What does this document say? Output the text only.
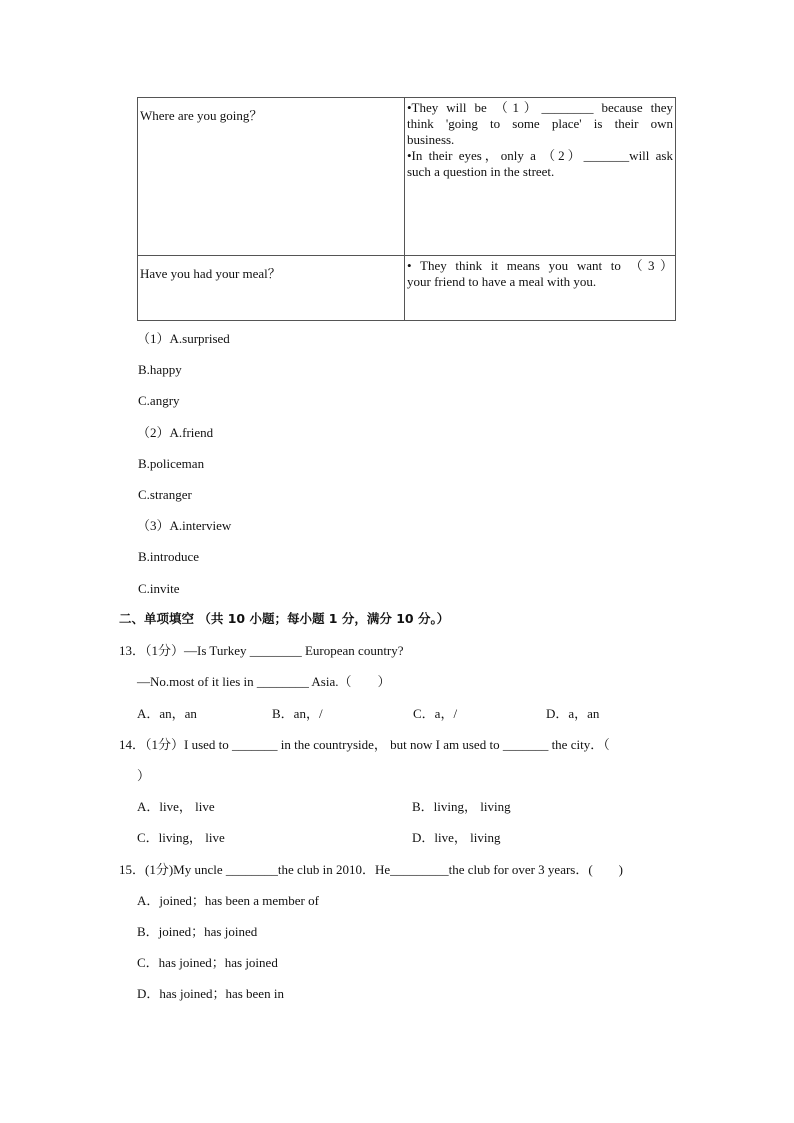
Where are you going？	•They will be （1）________ because they
think 'going to some place' is their own
business.
•In their eyes，only a （2）_______will ask
such a question in the street.

Have you had your meal？	• They think it means you want to （3）
your friend to have a meal with you.
（1）A.surprised
B.happy
C.angry
（2）A.friend
B.policeman
C.stranger
（3）A.interview
B.introduce
C.invite
二、单项填空 （共 10 小题；每小题 1 分，满分 10 分。）
13．（1分）—Is Turkey ________ European country?
—No.most of it lies in ________ Asia.（　　）
A．an，an	B．an，/	C．a，/	D．a，an
14．（1分）I used to _______ in the countryside， but now I am used to _______ the city．（
）
A．live， live	B．living， living
C．living， live	D．live， living
15．(1分)My uncle ________the club in 2010．He_________the club for over 3 years．(　　)
A．joined；has been a member of
B．joined；has joined
C．has joined；has joined
D．has joined；has been in
